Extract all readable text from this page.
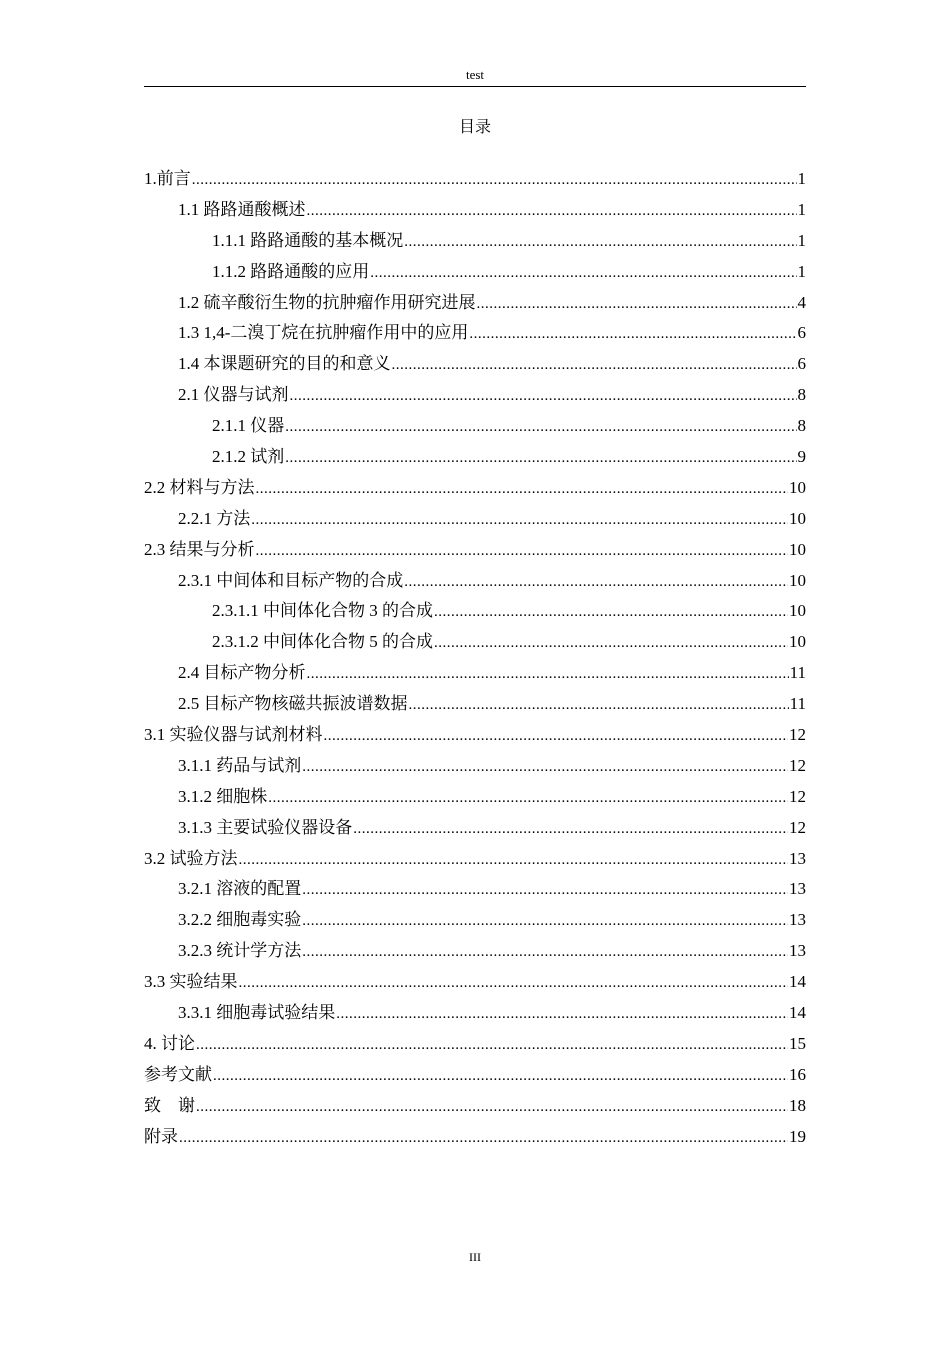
test
目录
1.前言 .....	1
1.1 路路通酸概述 .....	1
1.1.1 路路通酸的基本概况 .....	1
1.1.2 路路通酸的应用 .....	1
1.2 硫辛酸衍生物的抗肿瘤作用研究进展 .....	4
1.3 1,4-二溴丁烷在抗肿瘤作用中的应用 .....	6
1.4 本课题研究的目的和意义 .....	6
2.1 仪器与试剂 .....	8
2.1.1 仪器 .....	8
2.1.2 试剂 .....	9
2.2 材料与方法 .....	10
2.2.1 方法 .....	10
2.3 结果与分析 .....	10
2.3.1 中间体和目标产物的合成 .....	10
2.3.1.1 中间体化合物 3 的合成 .....	10
2.3.1.2 中间体化合物 5 的合成 .....	10
2.4 目标产物分析 .....	11
2.5 目标产物核磁共振波谱数据 .....	11
3.1 实验仪器与试剂材料 .....	12
3.1.1 药品与试剂 .....	12
3.1.2 细胞株 .....	12
3.1.3 主要试验仪器设备 .....	12
3.2 试验方法 .....	13
3.2.1 溶液的配置 .....	13
3.2.2 细胞毒实验 .....	13
3.2.3 统计学方法 .....	13
3.3 实验结果 .....	14
3.3.1 细胞毒试验结果 .....	14
4. 讨论 .....	15
参考文献 .....	16
致　谢 .....	18
附录 .....	19
III
